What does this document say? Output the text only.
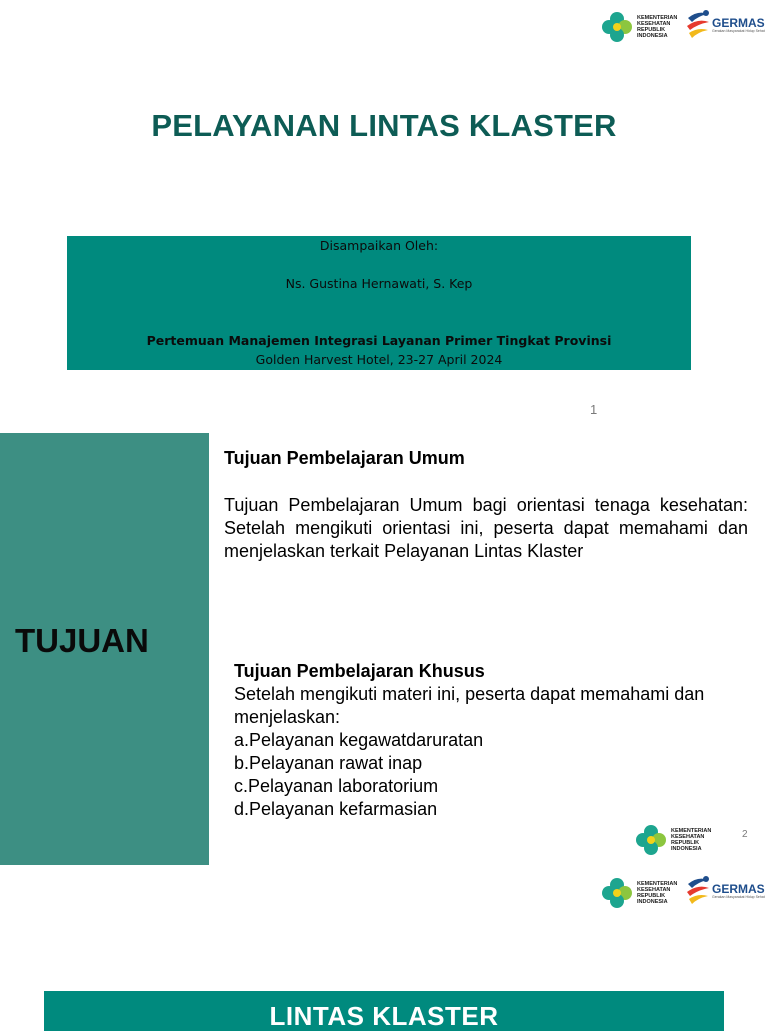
KEMENTERIAN
KESEHATAN
REPUBLIK
INDONESIA
GERMAS
Gerakan Masyarakat Hidup Sehat
PELAYANAN LINTAS KLASTER
Disampaikan Oleh:
Ns. Gustina Hernawati, S. Kep
Pertemuan Manajemen Integrasi Layanan Primer Tingkat Provinsi
Golden Harvest Hotel, 23-27 April 2024
1
TUJUAN
Tujuan Pembelajaran Umum
Tujuan Pembelajaran Umum bagi orientasi tenaga kesehatan: Setelah mengikuti orientasi ini, peserta dapat memahami dan menjelaskan terkait Pelayanan Lintas Klaster
Tujuan Pembelajaran Khusus
Setelah mengikuti materi ini, peserta dapat memahami dan menjelaskan:
a.Pelayanan kegawatdaruratan
b.Pelayanan rawat inap
c.Pelayanan laboratorium
d.Pelayanan kefarmasian
KEMENTERIAN
KESEHATAN
REPUBLIK
INDONESIA
2
KEMENTERIAN
KESEHATAN
REPUBLIK
INDONESIA
GERMAS
Gerakan Masyarakat Hidup Sehat
LINTAS KLASTER
